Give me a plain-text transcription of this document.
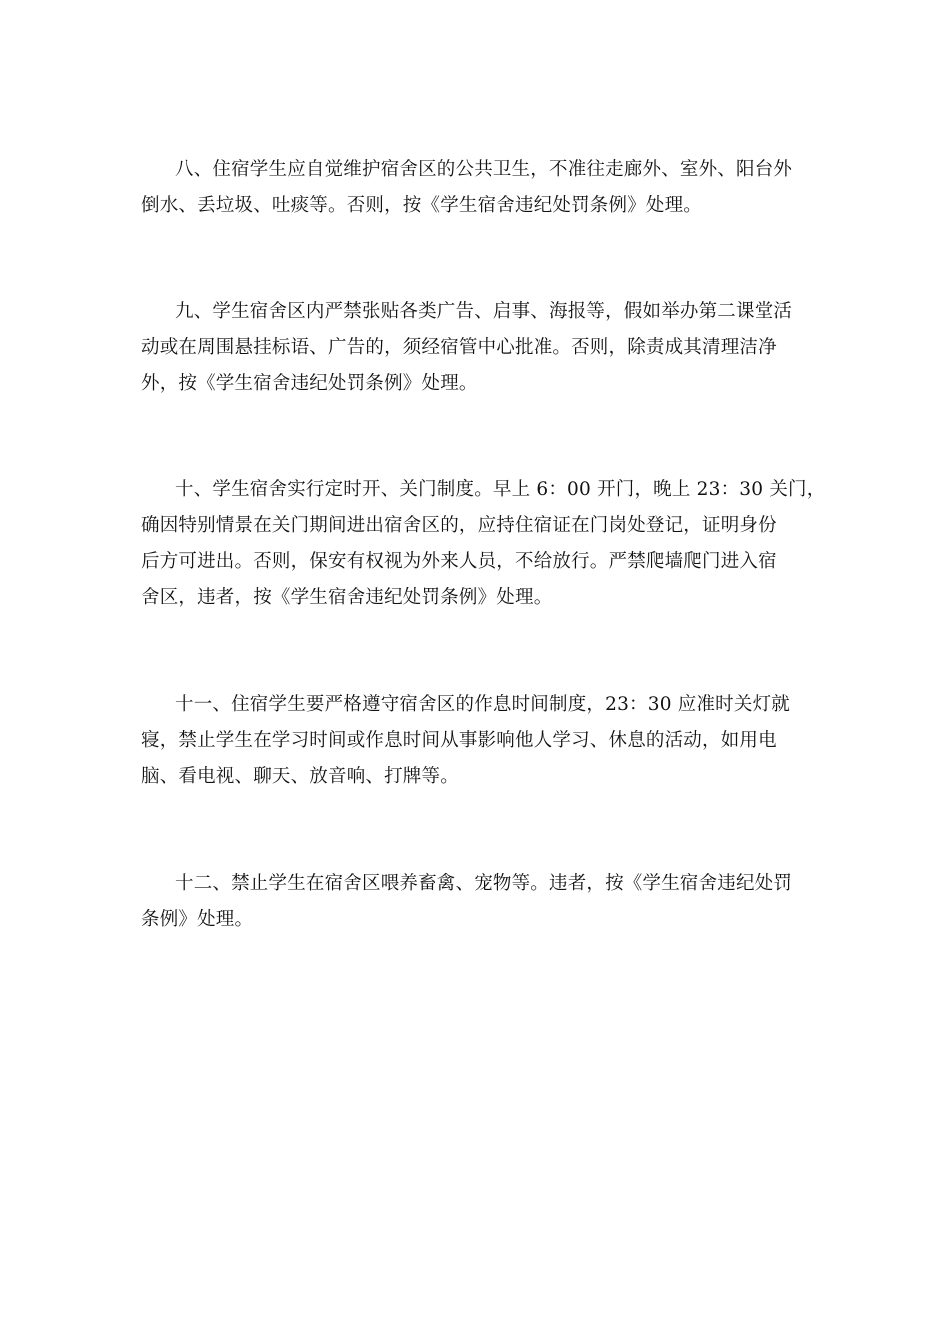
八、住宿学生应自觉维护宿舍区的公共卫生，不准往走廊外、室外、阳台外
倒水、丢垃圾、吐痰等。否则，按《学生宿舍违纪处罚条例》处理。
九、学生宿舍区内严禁张贴各类广告、启事、海报等，假如举办第二课堂活
动或在周围悬挂标语、广告的，须经宿管中心批准。否则，除责成其清理洁净
外，按《学生宿舍违纪处罚条例》处理。
十、学生宿舍实行定时开、关门制度。早上 6：00 开门，晚上 23：30 关门，
确因特别情景在关门期间进出宿舍区的，应持住宿证在门岗处登记，证明身份
后方可进出。否则，保安有权视为外来人员，不给放行。严禁爬墙爬门进入宿
舍区，违者，按《学生宿舍违纪处罚条例》处理。
十一、住宿学生要严格遵守宿舍区的作息时间制度，23：30 应准时关灯就
寝，禁止学生在学习时间或作息时间从事影响他人学习、休息的活动，如用电
脑、看电视、聊天、放音响、打牌等。
十二、禁止学生在宿舍区喂养畜禽、宠物等。违者，按《学生宿舍违纪处罚
条例》处理。
